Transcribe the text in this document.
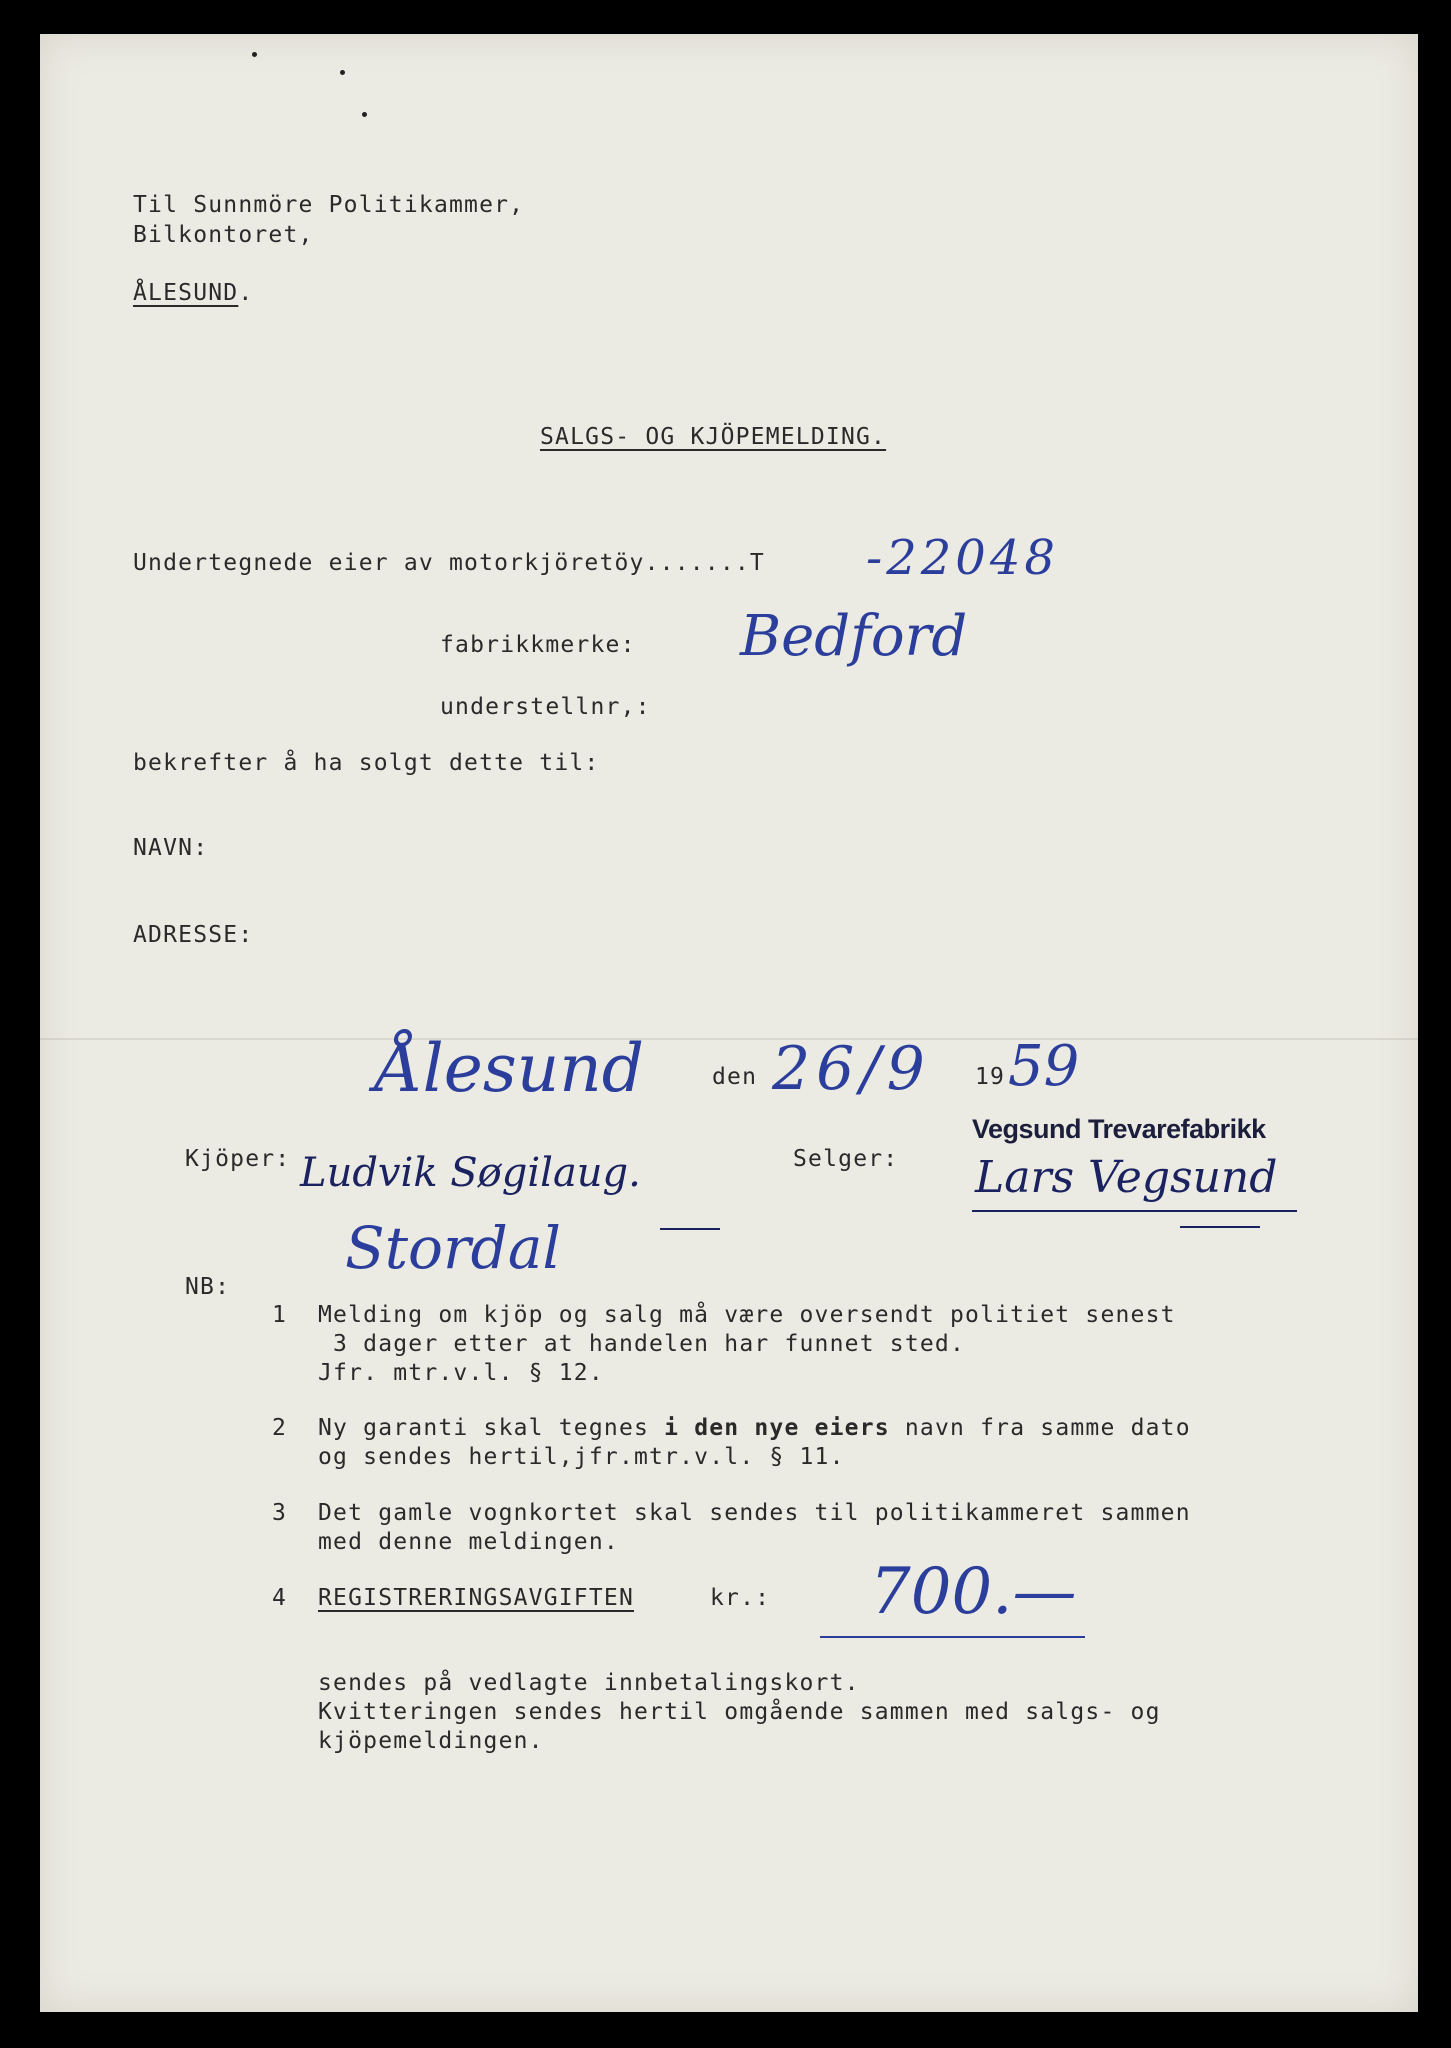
Til Sunnmöre Politikammer,
Bilkontoret,
ÅLESUND.
SALGS- OG KJÖPEMELDING.
Undertegnede eier av motorkjöretöy.......T -22048
fabrikkmerke: Bedford
understellnr,:
bekrefter å ha solgt dette til:
NAVN:
ADRESSE:
Ålesund	den 26/9 19 59
Kjöper: Ludvik Søgilaug.
Stordal
Selger:
Vegsund Trevarefabrikk
Lars Vegsund
NB:
1 Melding om kjöp og salg må være oversendt politiet senest
3 dager etter at handelen har funnet sted.
Jfr. mtr.v.l. § 12.
2 Ny garanti skal tegnes i den nye eiers navn fra samme dato
og sendes hertil,jfr.mtr.v.l. § 11.
3 Det gamle vognkortet skal sendes til politikammeret sammen
med denne meldingen.
4 REGISTRERINGSAVGIFTEN	kr.: 700.—
sendes på vedlagte innbetalingskort.
Kvitteringen sendes hertil omgående sammen med salgs- og
kjöpemeldingen.
